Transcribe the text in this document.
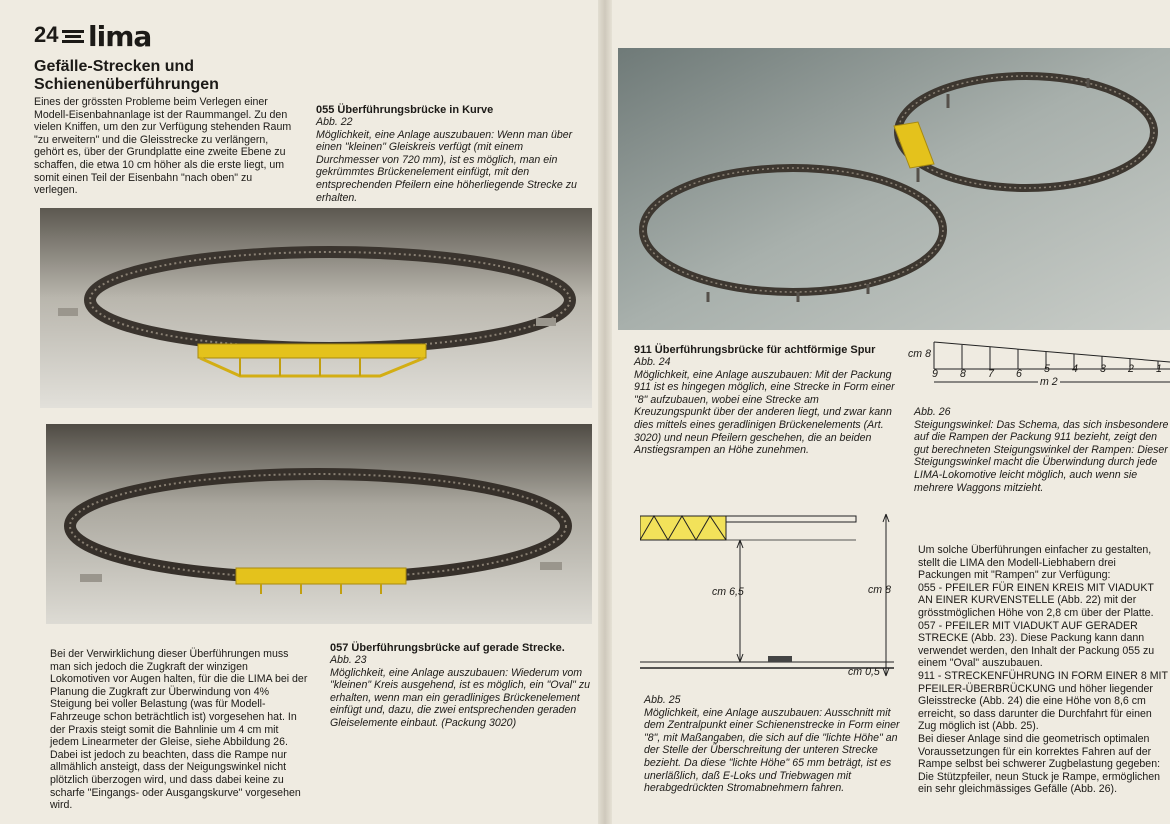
24 lima
Gefälle-Strecken und Schienenüberführungen
Eines der grössten Probleme beim Verlegen einer Modell-Eisenbahnanlage ist der Raummangel. Zu den vielen Kniffen, um den zur Verfügung stehenden Raum "zu erweitern" und die Gleisstrecke zu verlängern, gehört es, über der Grundplatte eine zweite Ebene zu schaffen, die etwa 10 cm höher als die erste liegt, um somit einen Teil der Eisenbahn "nach oben" zu verlegen.
055 Überführungsbrücke in Kurve
Abb. 22
Möglichkeit, eine Anlage auszubauen: Wenn man über einen "kleinen" Gleiskreis verfügt (mit einem Durchmesser von 720 mm), ist es möglich, man ein gekrümmtes Brückenelement einfügt, mit den entsprechenden Pfeilern eine höherliegende Strecke zu erhalten.
Bei der Verwirklichung dieser Überführungen muss man sich jedoch die Zugkraft der winzigen Lokomotiven vor Augen halten, für die die LIMA bei der Planung die Zugkraft zur Überwindung von 4% Steigung bei voller Belastung (was für Modell-Fahrzeuge schon beträchtlich ist) vorgesehen hat. In der Praxis steigt somit die Bahnlinie um 4 cm mit jedem Linearmeter der Gleise, siehe Abbildung 26.
Dabei ist jedoch zu beachten, dass die Rampe nur allmählich ansteigt, dass der Neigungswinkel nicht plötzlich überzogen wird, und dass dabei keine zu scharfe "Eingangs- oder Ausgangskurve" vorgesehen wird.
057 Überführungsbrücke auf gerade Strecke.
Abb. 23
Möglichkeit, eine Anlage auszubauen: Wiederum vom "kleinen" Kreis ausgehend, ist es möglich, ein "Oval" zu erhalten, wenn man ein geradliniges Brückenelement einfügt und, dazu, die zwei entsprechenden geraden Gleiselemente einbaut. (Packung 3020)
911 Überführungsbrücke für achtförmige Spur
Abb. 24
Möglichkeit, eine Anlage auszubauen: Mit der Packung 911 ist es hingegen möglich, eine Strecke in Form einer "8" aufzubauen, wobei eine Strecke am Kreuzungspunkt über der anderen liegt, und zwar kann dies mittels eines geradlinigen Brückenelements (Art. 3020) und neun Pfeilern geschehen, die an beiden Anstiegsrampen an Höhe zunehmen.
cm 8
m 2
9 8 7 6 5 4 3 2 1
Abb. 26
Steigungswinkel: Das Schema, das sich insbesondere auf die Rampen der Packung 911 bezieht, zeigt den gut berechneten Steigungswinkel der Rampen: Dieser Steigungswinkel macht die Überwindung durch jede LIMA-Lokomotive leicht möglich, auch wenn sie mehrere Waggons mitzieht.
cm 6,5	cm 8
cm 0,5
Abb. 25
Möglichkeit, eine Anlage auszubauen: Ausschnitt mit dem Zentralpunkt einer Schienenstrecke in Form einer "8", mit Maßangaben, die sich auf die "lichte Höhe" an der Stelle der Überschreitung der unteren Strecke bezieht. Da diese "lichte Höhe" 65 mm beträgt, ist es unerläßlich, daß E-Loks und Triebwagen mit herabgedrückten Stromabnehmern fahren.
Um solche Überführungen einfacher zu gestalten, stellt die LIMA den Modell-Liebhabern drei Packungen mit "Rampen" zur Verfügung:
055 - PFEILER FÜR EINEN KREIS MIT VIADUKT AN EINER KURVENSTELLE (Abb. 22) mit der grösstmöglichen Höhe von 2,8 cm über der Platte.
057 - PFEILER MIT VIADUKT AUF GERADER STRECKE (Abb. 23). Diese Packung kann dann verwendet werden, den Inhalt der Packung 055 zu einem "Oval" auszubauen.
911 - STRECKENFÜHRUNG IN FORM EINER 8 MIT PFEILER-ÜBERBRÜCKUNG und höher liegender Gleisstrecke (Abb. 24) die eine Höhe von 8,6 cm erreicht, so dass darunter die Durchfahrt für einen Zug möglich ist (Abb. 25).
Bei dieser Anlage sind die geometrisch optimalen Voraussetzungen für ein korrektes Fahren auf der Rampe selbst bei schwerer Zugbelastung gegeben: Die Stützpfeiler, neun Stuck je Rampe, ermöglichen ein sehr gleichmässiges Gefälle (Abb. 26).
